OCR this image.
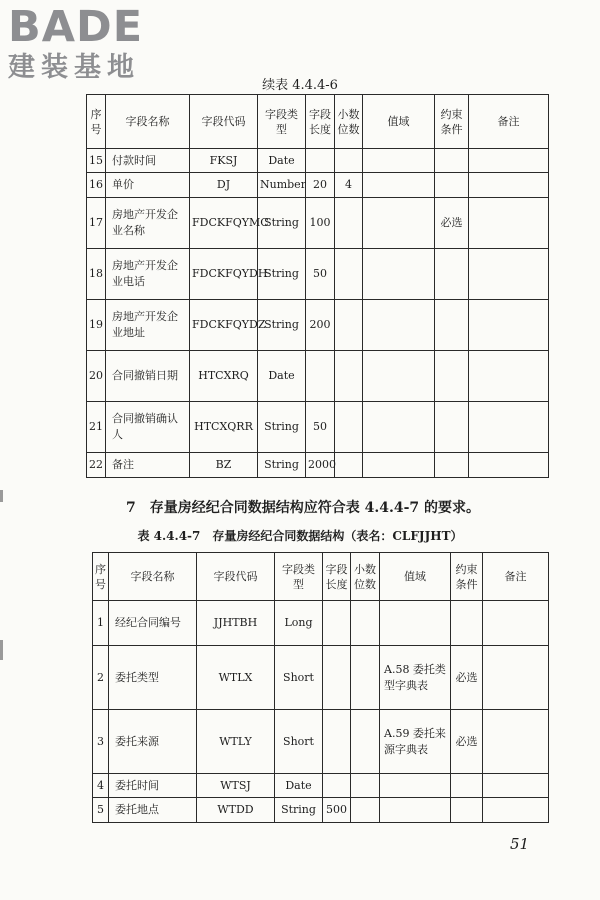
BADE
建装基地
续表 4.4.4-6
序号	字段名称	字段代码	字段类型	字段长度	小数位数	值域	约束条件	备注
15	付款时间	FKSJ	Date					
16	单价	DJ	Number	20	4			
17	房地产开发企业名称	FDCKFQYMC	String	100			必选	
18	房地产开发企业电话	FDCKFQYDH	String	50				
19	房地产开发企业地址	FDCKFQYDZ	String	200				
20	合同撤销日期	HTCXRQ	Date					
21	合同撤销确认人	HTCXQRR	String	50				
22	备注	BZ	String	2000				
7　存量房经纪合同数据结构应符合表 4.4.4-7 的要求。
表 4.4.4-7　存量房经纪合同数据结构（表名：CLFJJHT）
序号	字段名称	字段代码	字段类型	字段长度	小数位数	值域	约束条件	备注
1	经纪合同编号	JJHTBH	Long					
2	委托类型	WTLX	Short			A.58 委托类型字典表	必选	
3	委托来源	WTLY	Short			A.59 委托来源字典表	必选	
4	委托时间	WTSJ	Date					
5	委托地点	WTDD	String	500				
51
